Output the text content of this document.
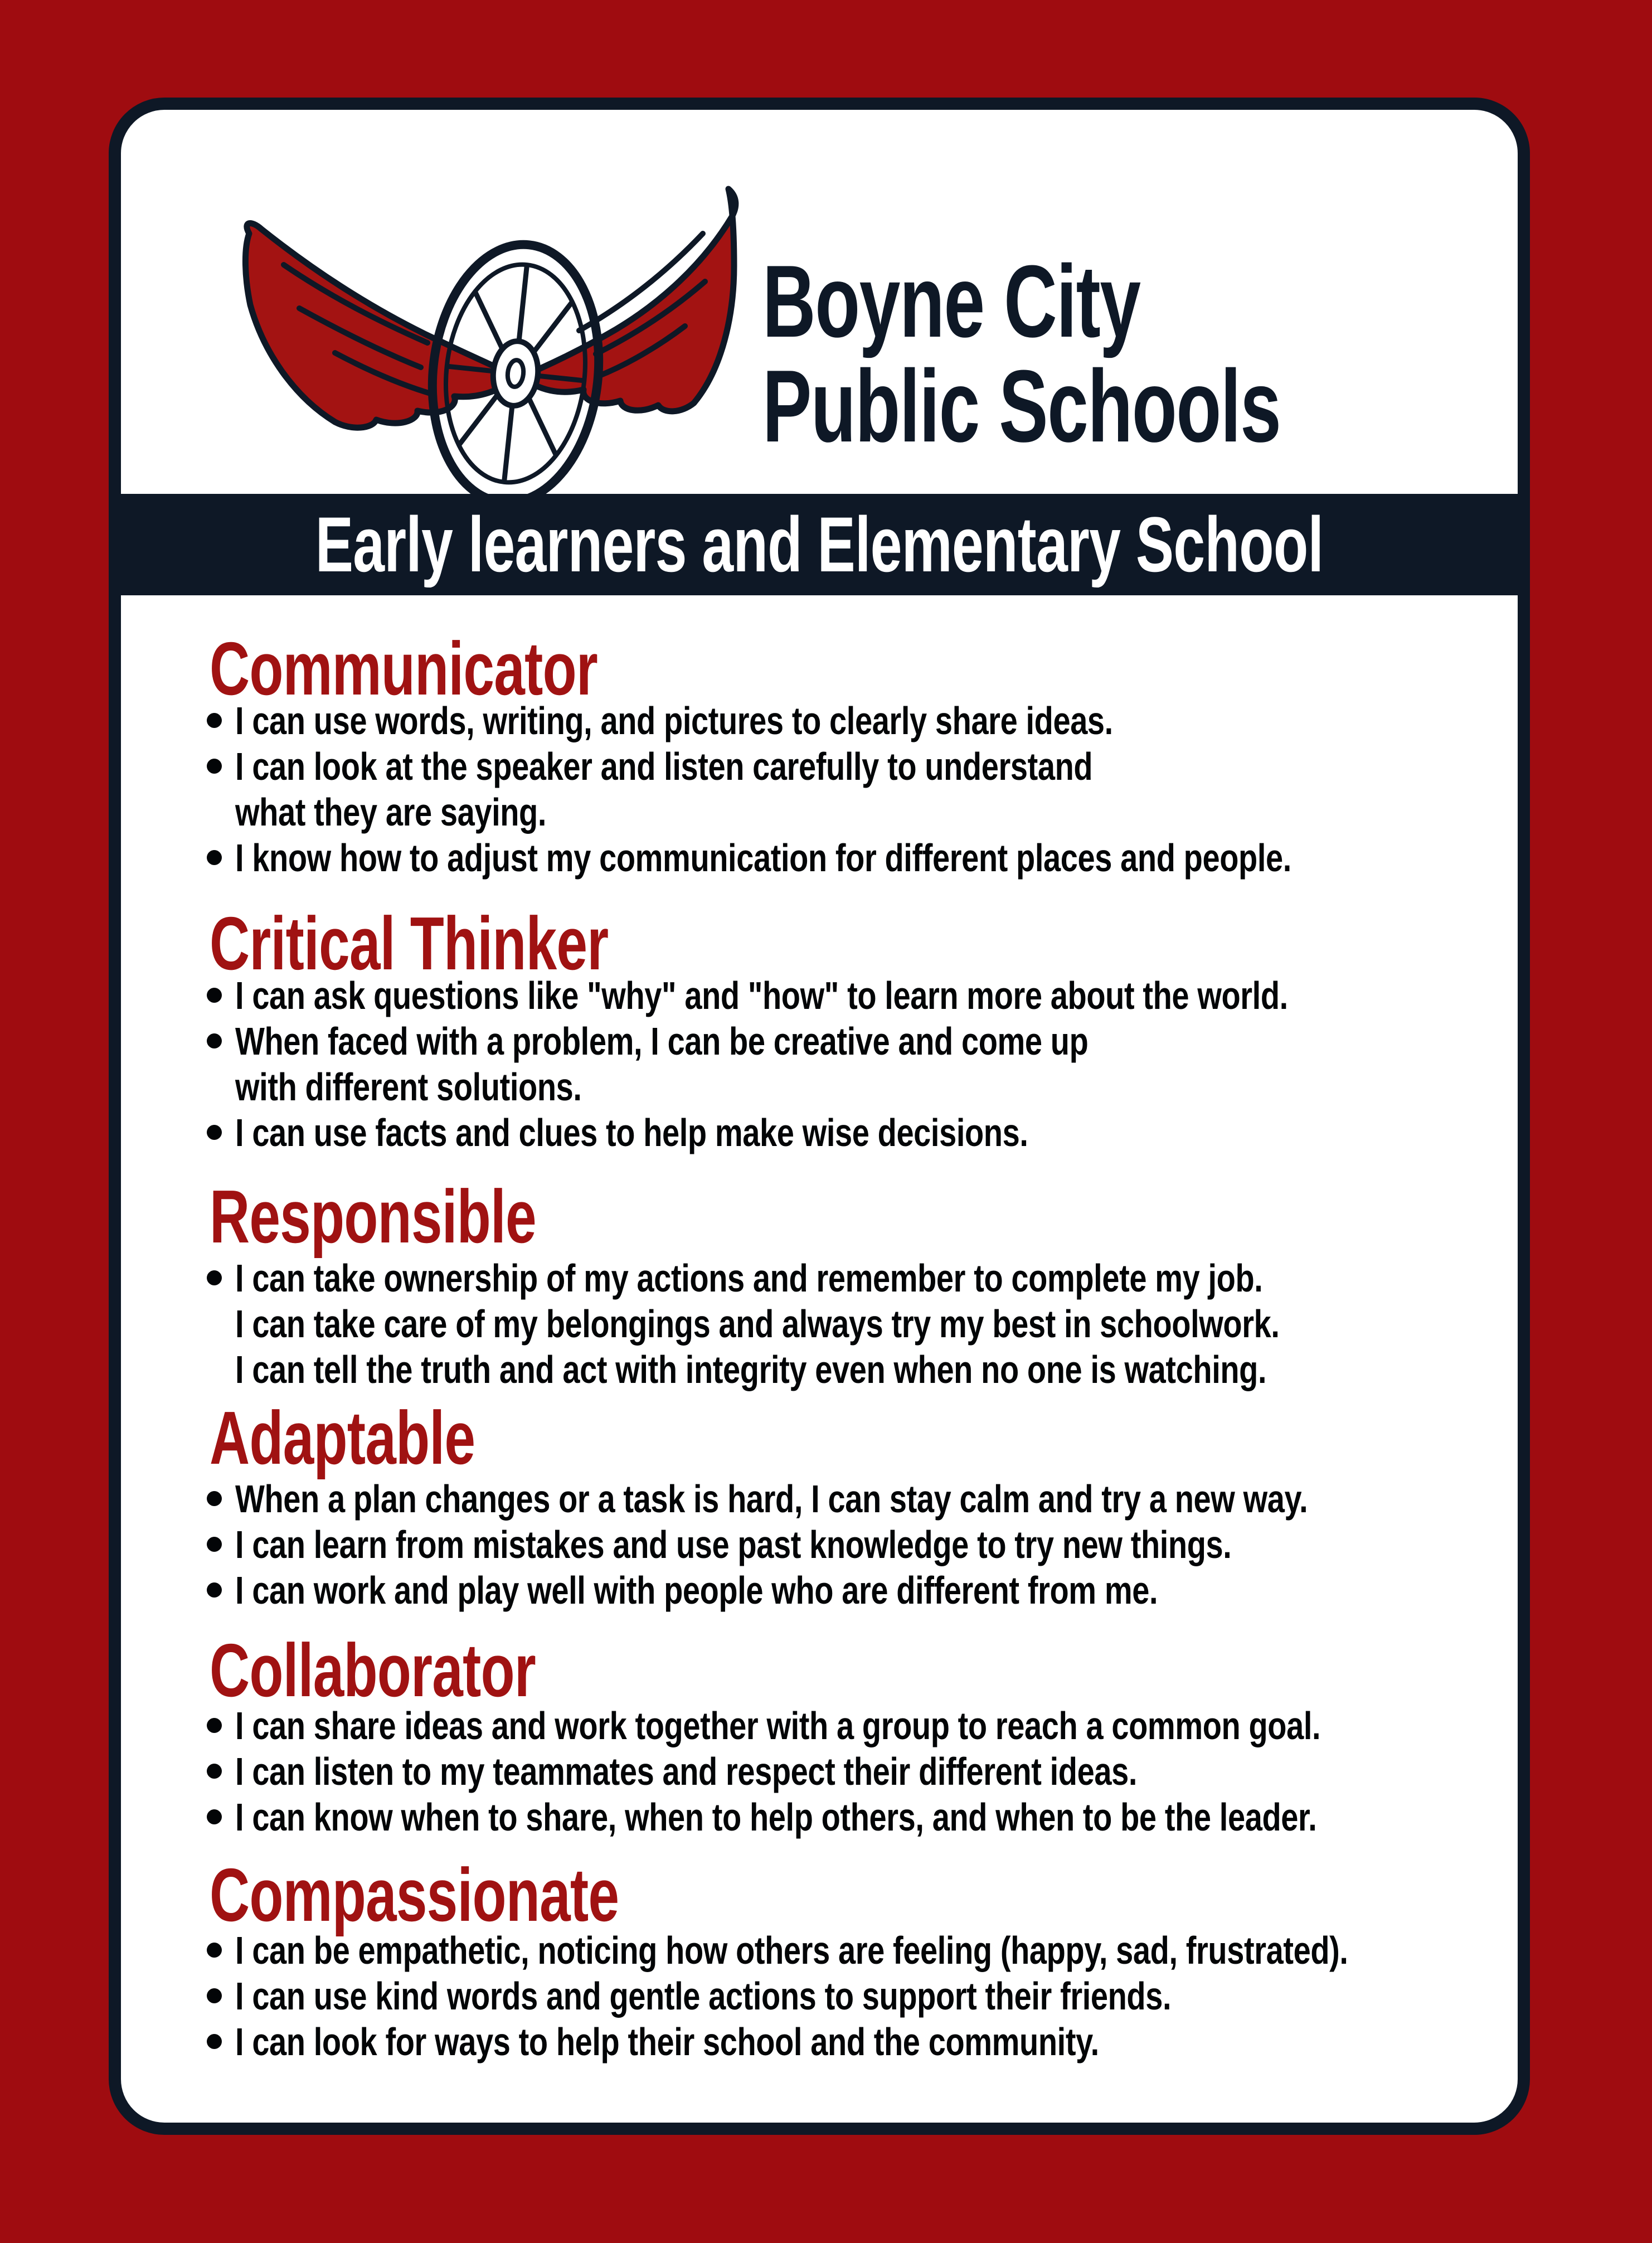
Boyne City
Public Schools
Early learners and Elementary School
Communicator
I can use words, writing, and pictures to clearly share ideas.
I can look at the speaker and listen carefully to understand
what they are saying.
I know how to adjust my communication for different places and people.
Critical Thinker
I can ask questions like "why" and "how" to learn more about the world.
When faced with a problem, I can be creative and come up
with different solutions.
I can use facts and clues to help make wise decisions.
Responsible
I can take ownership of my actions and remember to complete my job.
I can take care of my belongings and always try my best in schoolwork.
I can tell the truth and act with integrity even when no one is watching.
Adaptable
When a plan changes or a task is hard, I can stay calm and try a new way.
I can learn from mistakes and use past knowledge to try new things.
I can work and play well with people who are different from me.
Collaborator
I can share ideas and work together with a group to reach a common goal.
I can listen to my teammates and respect their different ideas.
I can know when to share, when to help others, and when to be the leader.
Compassionate
I can be empathetic, noticing how others are feeling (happy, sad, frustrated).
I can use kind words and gentle actions to support their friends.
I can look for ways to help their school and the community.
